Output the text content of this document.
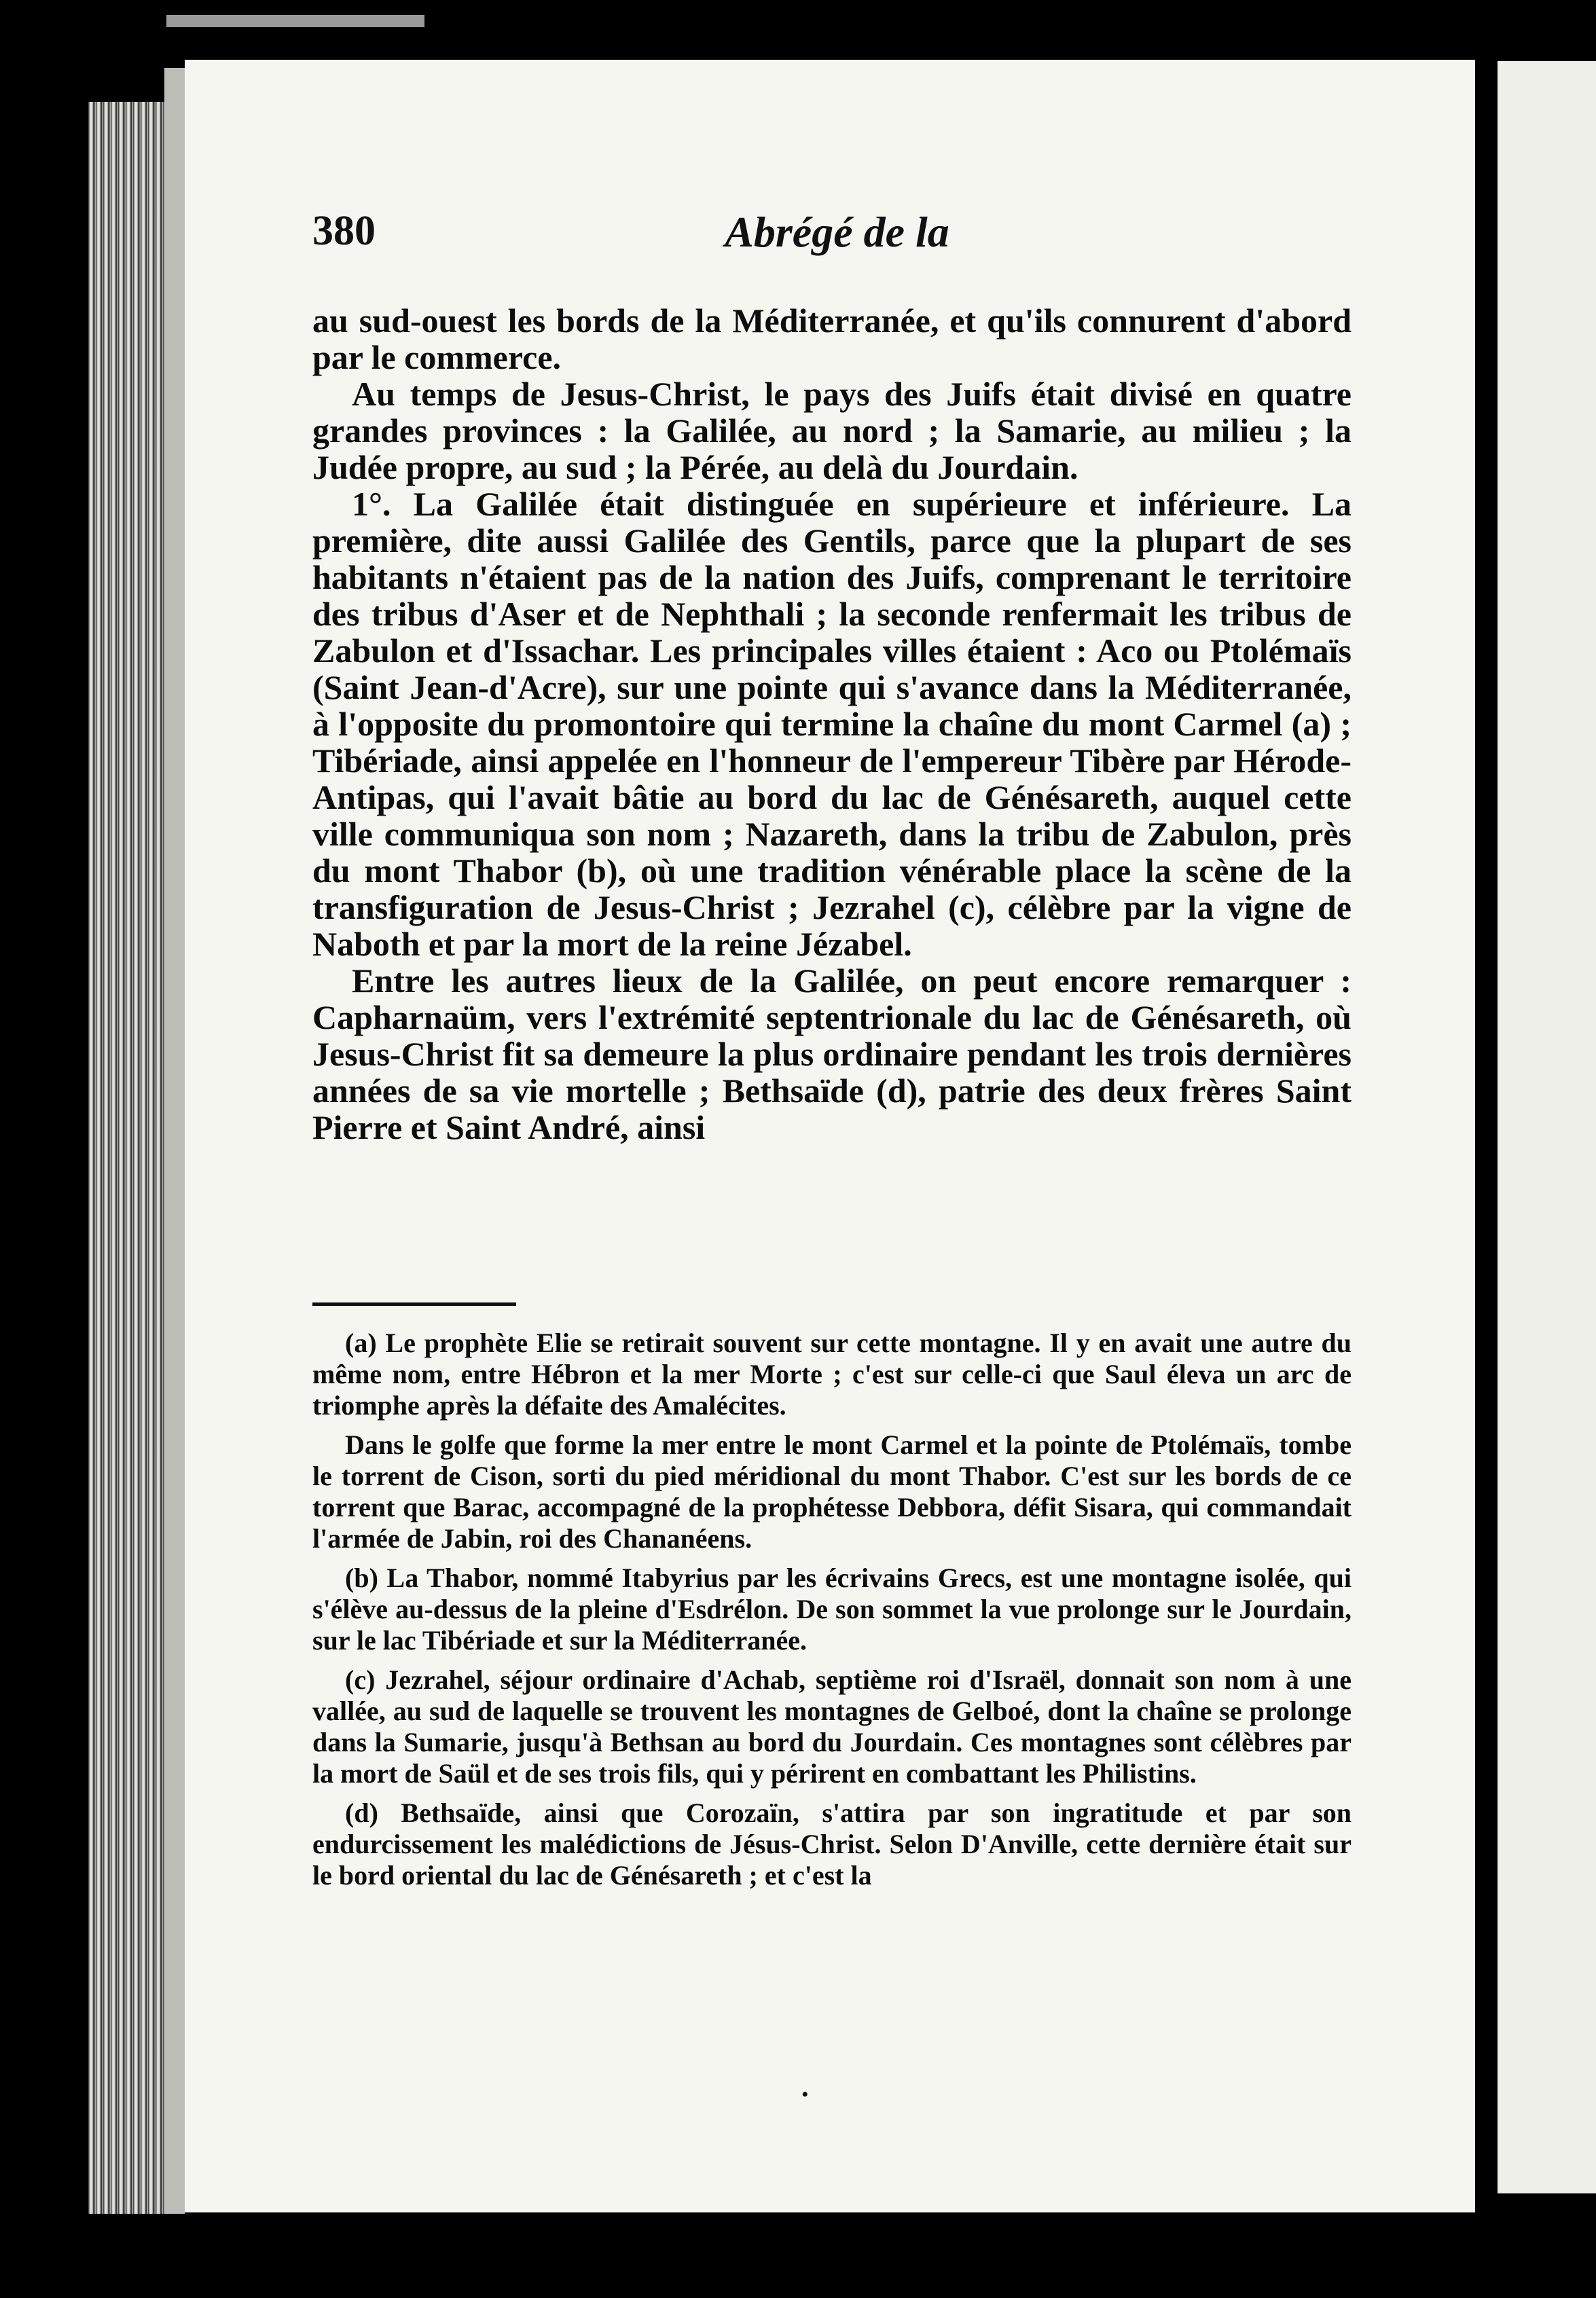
380	Abrégé de la

au sud-ouest les bords de la Méditerranée, et qu'ils connurent d'abord par le commerce.

Au temps de Jesus-Christ, le pays des Juifs était divisé en quatre grandes provinces : la Galilée, au nord ; la Samarie, au milieu ; la Judée propre, au sud ; la Pérée, au delà du Jourdain.

1°. La Galilée était distinguée en supérieure et inférieure. La première, dite aussi Galilée des Gentils, parce que la plupart de ses habitants n'étaient pas de la nation des Juifs, comprenant le territoire des tribus d'Aser et de Nephthali ; la seconde renfermait les tribus de Zabulon et d'Issachar. Les principales villes étaient : Aco ou Ptolémaïs (Saint Jean-d'Acre), sur une pointe qui s'avance dans la Méditerranée, à l'opposite du promontoire qui termine la chaîne du mont Carmel (a) ; Tibériade, ainsi appelée en l'honneur de l'empereur Tibère par Hérode-Antipas, qui l'avait bâtie au bord du lac de Génésareth, auquel cette ville communiqua son nom ; Nazareth, dans la tribu de Zabulon, près du mont Thabor (b), où une tradition vénérable place la scène de la transfiguration de Jesus-Christ ; Jezrahel (c), célèbre par la vigne de Naboth et par la mort de la reine Jézabel.

Entre les autres lieux de la Galilée, on peut encore remarquer : Capharnaüm, vers l'extrémité septentrionale du lac de Génésareth, où Jesus-Christ fit sa demeure la plus ordinaire pendant les trois dernières années de sa vie mortelle ; Bethsaïde (d), patrie des deux frères Saint Pierre et Saint André, ainsi

(a) Le prophète Elie se retirait souvent sur cette montagne. Il y en avait une autre du même nom, entre Hébron et la mer Morte ; c'est sur celle-ci que Saul éleva un arc de triomphe après la défaite des Amalécites.

Dans le golfe que forme la mer entre le mont Carmel et la pointe de Ptolémaïs, tombe le torrent de Cison, sorti du pied méridional du mont Thabor. C'est sur les bords de ce torrent que Barac, accompagné de la prophétesse Debbora, défit Sisara, qui commandait l'armée de Jabin, roi des Chananéens.

(b) La Thabor, nommé Itabyrius par les écrivains Grecs, est une montagne isolée, qui s'élève au-dessus de la pleine d'Esdrélon. De son sommet la vue prolonge sur le Jourdain, sur le lac Tibériade et sur la Méditerranée.

(c) Jezrahel, séjour ordinaire d'Achab, septième roi d'Israël, donnait son nom à une vallée, au sud de laquelle se trouvent les montagnes de Gelboé, dont la chaîne se prolonge dans la Sumarie, jusqu'à Bethsan au bord du Jourdain. Ces montagnes sont célèbres par la mort de Saül et de ses trois fils, qui y périrent en combattant les Philistins.

(d) Bethsaïde, ainsi que Corozaïn, s'attira par son ingratitude et par son endurcissement les malédictions de Jésus-Christ. Selon D'Anville, cette dernière était sur le bord oriental du lac de Génésareth ; et c'est la

•
